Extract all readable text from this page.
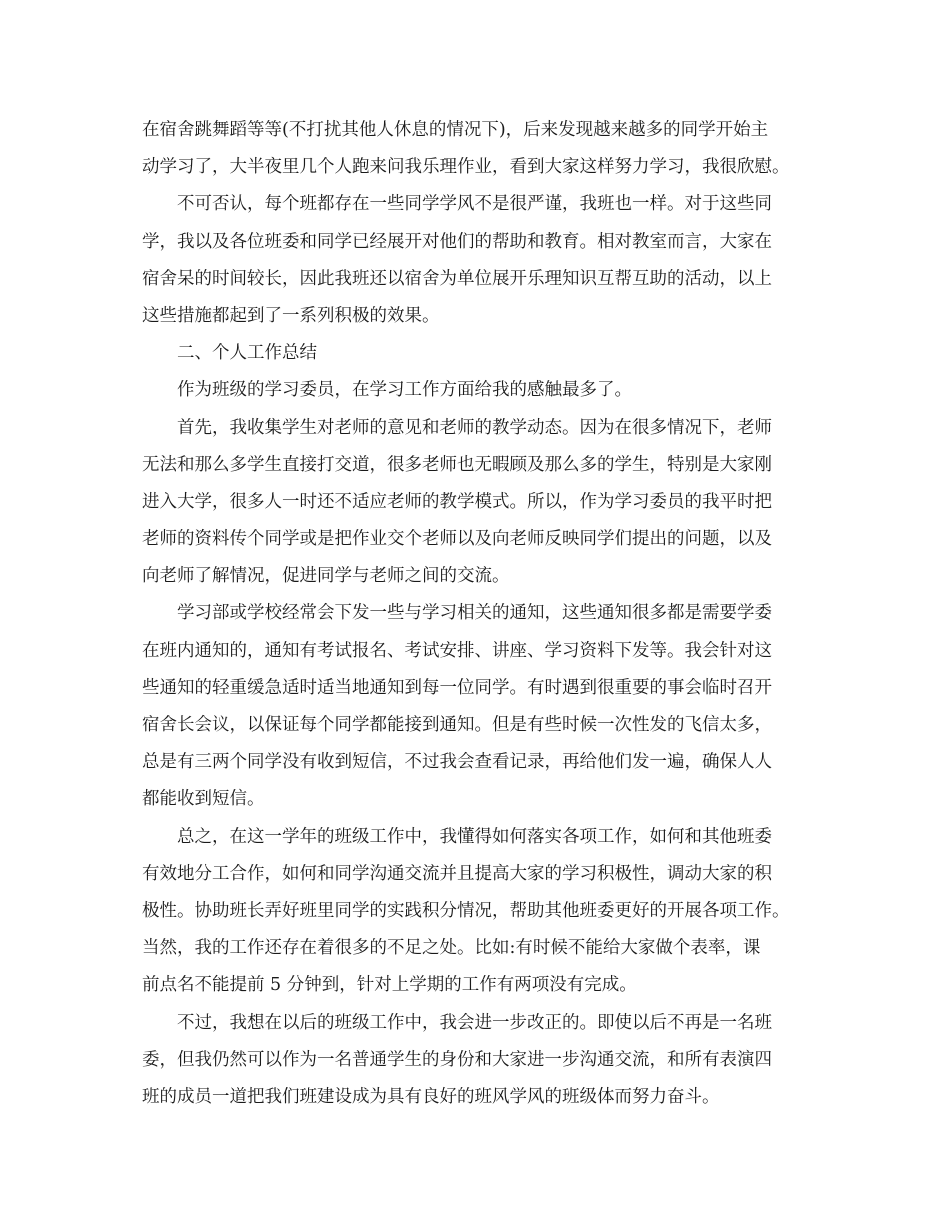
在宿舍跳舞蹈等等(不打扰其他人休息的情况下)，后来发现越来越多的同学开始主
动学习了，大半夜里几个人跑来问我乐理作业，看到大家这样努力学习，我很欣慰。
不可否认，每个班都存在一些同学学风不是很严谨，我班也一样。对于这些同
学，我以及各位班委和同学已经展开对他们的帮助和教育。相对教室而言，大家在
宿舍呆的时间较长，因此我班还以宿舍为单位展开乐理知识互帮互助的活动，以上
这些措施都起到了一系列积极的效果。
二、个人工作总结
作为班级的学习委员，在学习工作方面给我的感触最多了。
首先，我收集学生对老师的意见和老师的教学动态。因为在很多情况下，老师
无法和那么多学生直接打交道，很多老师也无暇顾及那么多的学生，特别是大家刚
进入大学，很多人一时还不适应老师的教学模式。所以，作为学习委员的我平时把
老师的资料传个同学或是把作业交个老师以及向老师反映同学们提出的问题，以及
向老师了解情况，促进同学与老师之间的交流。
学习部或学校经常会下发一些与学习相关的通知，这些通知很多都是需要学委
在班内通知的，通知有考试报名、考试安排、讲座、学习资料下发等。我会针对这
些通知的轻重缓急适时适当地通知到每一位同学。有时遇到很重要的事会临时召开
宿舍长会议，以保证每个同学都能接到通知。但是有些时候一次性发的飞信太多，
总是有三两个同学没有收到短信，不过我会查看记录，再给他们发一遍，确保人人
都能收到短信。
总之，在这一学年的班级工作中，我懂得如何落实各项工作，如何和其他班委
有效地分工合作，如何和同学沟通交流并且提高大家的学习积极性，调动大家的积
极性。协助班长弄好班里同学的实践积分情况，帮助其他班委更好的开展各项工作。
当然，我的工作还存在着很多的不足之处。比如:有时候不能给大家做个表率，课
前点名不能提前 5 分钟到，针对上学期的工作有两项没有完成。
不过，我想在以后的班级工作中，我会进一步改正的。即使以后不再是一名班
委，但我仍然可以作为一名普通学生的身份和大家进一步沟通交流，和所有表演四
班的成员一道把我们班建设成为具有良好的班风学风的班级体而努力奋斗。
